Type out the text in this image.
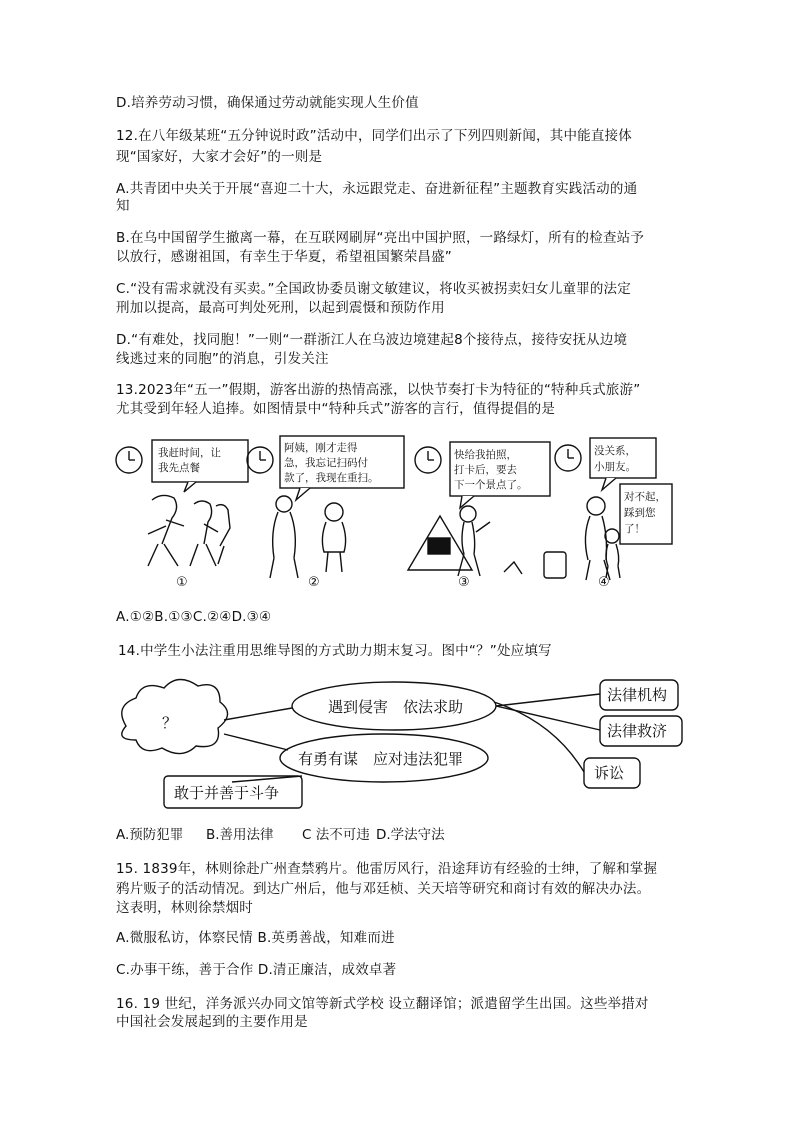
D.培养劳动习惯，确保通过劳动就能实现人生价值
12.在八年级某班“五分钟说时政”活动中，同学们出示了下列四则新闻，其中能直接体
现“国家好，大家才会好”的一则是
A.共青团中央关于开展“喜迎二十大，永远跟党走、奋进新征程”主题教育实践活动的通
知
B.在乌中国留学生撤离一幕，在互联网刷屏“亮出中国护照，一路绿灯，所有的检查站予
以放行，感谢祖国，有幸生于华夏，希望祖国繁荣昌盛”
C.“没有需求就没有买卖。”全国政协委员谢文敏建议，将收买被拐卖妇女儿童罪的法定
刑加以提高，最高可判处死刑，以起到震慑和预防作用
D.“有难处，找同胞！”一则“一群浙江人在乌波边境建起8个接待点，接待安抚从边境
线逃过来的同胞”的消息，引发关注
13.2023年“五一”假期，游客出游的热情高涨，以快节奏打卡为特征的“特种兵式旅游”
尤其受到年轻人追捧。如图情景中“特种兵式”游客的言行，值得提倡的是
我赶时间，让
我先点餐
阿姨，刚才走得
急，我忘记扫码付
款了，我现在重扫。
快给我拍照，
打卡后，要去
下一个景点了。
没关系，
小朋友。
对不起，
踩到您
了！
①	②	③	④
A.①②B.①③C.②④D.③④
14.中学生小法注重用思维导图的方式助力期末复习。图中“？”处应填写
？
遇到侵害　依法求助
有勇有谋　应对违法犯罪
敢于并善于斗争
法律机构
法律救济
诉讼
A.预防犯罪 B.善用法律 C 法不可违 D.学法守法
15. 1839年，林则徐赴广州查禁鸦片。他雷厉风行，沿途拜访有经验的士绅，了解和掌握
鸦片贩子的活动情况。到达广州后，他与邓廷桢、关天培等研究和商讨有效的解决办法。
这表明，林则徐禁烟时
A.微服私访，体察民情 B.英勇善战，知难而进
C.办事干练，善于合作 D.清正廉洁，成效卓著
16. 19 世纪，洋务派兴办同文馆等新式学校 设立翻译馆；派遣留学生出国。这些举措对
中国社会发展起到的主要作用是
